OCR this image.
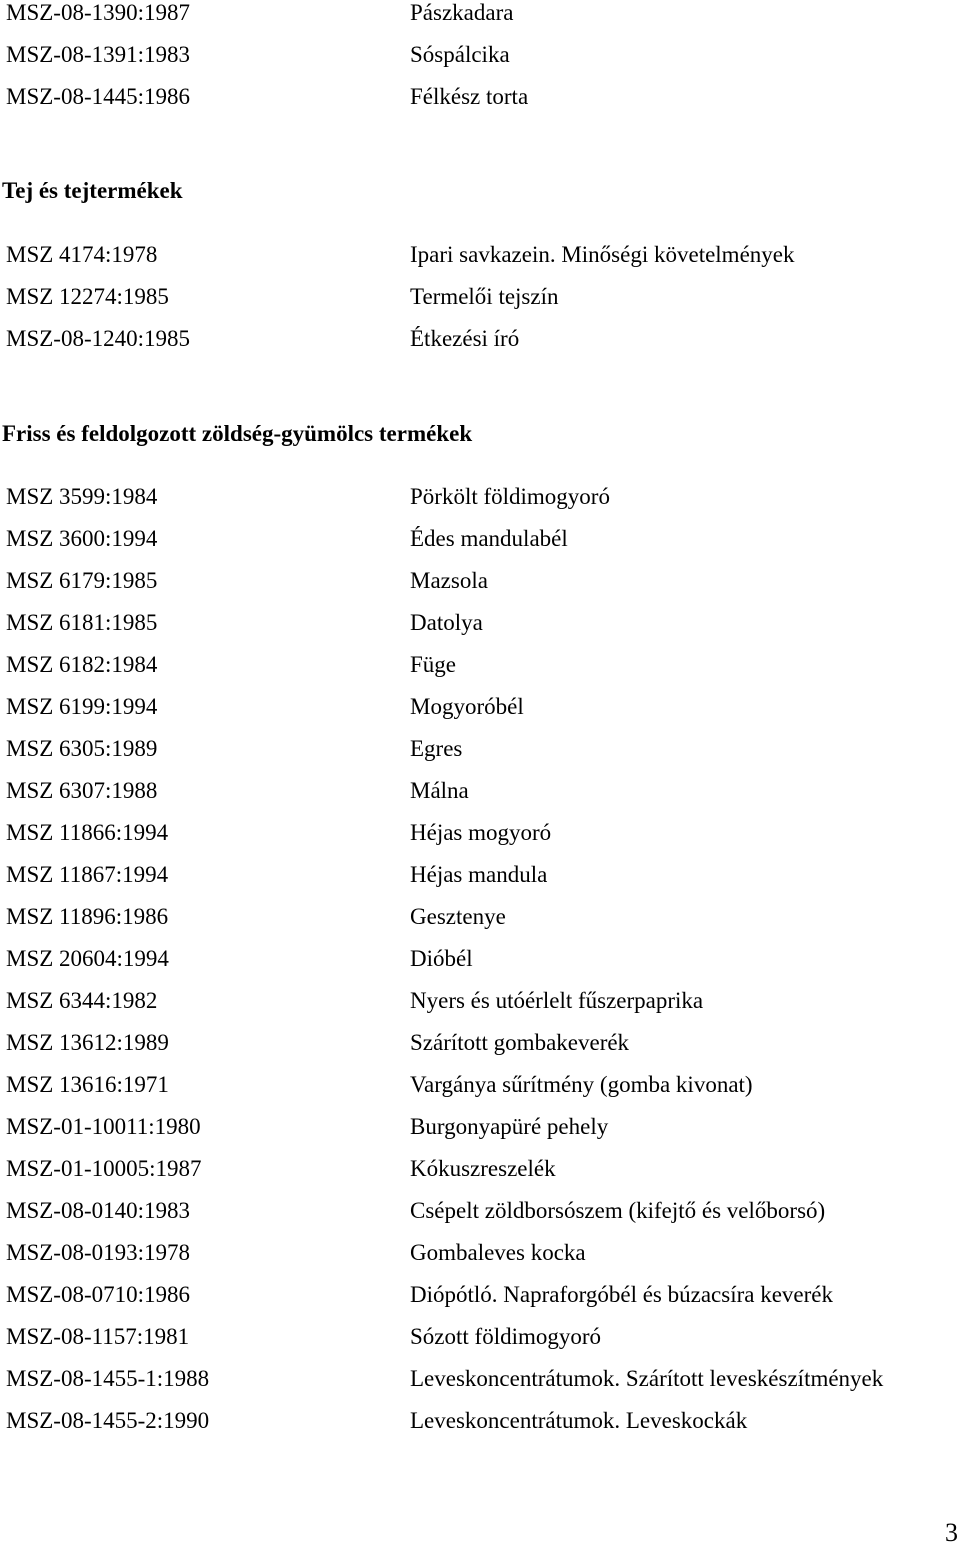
MSZ-08-1390:1987	Pászkadara
MSZ-08-1391:1983	Sóspálcika
MSZ-08-1445:1986	Félkész torta
Tej és tejtermékek
MSZ 4174:1978	Ipari savkazein. Minőségi követelmények
MSZ 12274:1985	Termelői tejszín
MSZ-08-1240:1985	Étkezési író
Friss és feldolgozott zöldség-gyümölcs termékek
MSZ 3599:1984	Pörkölt földimogyoró
MSZ 3600:1994	Édes mandulabél
MSZ 6179:1985	Mazsola
MSZ 6181:1985	Datolya
MSZ 6182:1984	Füge
MSZ 6199:1994	Mogyoróbél
MSZ 6305:1989	Egres
MSZ 6307:1988	Málna
MSZ 11866:1994	Héjas mogyoró
MSZ 11867:1994	Héjas mandula
MSZ 11896:1986	Gesztenye
MSZ 20604:1994	Dióbél
MSZ 6344:1982	Nyers és utóérlelt fűszerpaprika
MSZ 13612:1989	Szárított gombakeverék
MSZ 13616:1971	Vargánya sűrítmény (gomba kivonat)
MSZ-01-10011:1980	Burgonyapüré pehely
MSZ-01-10005:1987	Kókuszreszelék
MSZ-08-0140:1983	Csépelt zöldborsószem (kifejtő és velőborsó)
MSZ-08-0193:1978	Gombaleves kocka
MSZ-08-0710:1986	Diópótló. Napraforgóbél és búzacsíra keverék
MSZ-08-1157:1981	Sózott földimogyoró
MSZ-08-1455-1:1988	Leveskoncentrátumok. Szárított leveskészítmények
MSZ-08-1455-2:1990	Leveskoncentrátumok. Leveskockák
3
